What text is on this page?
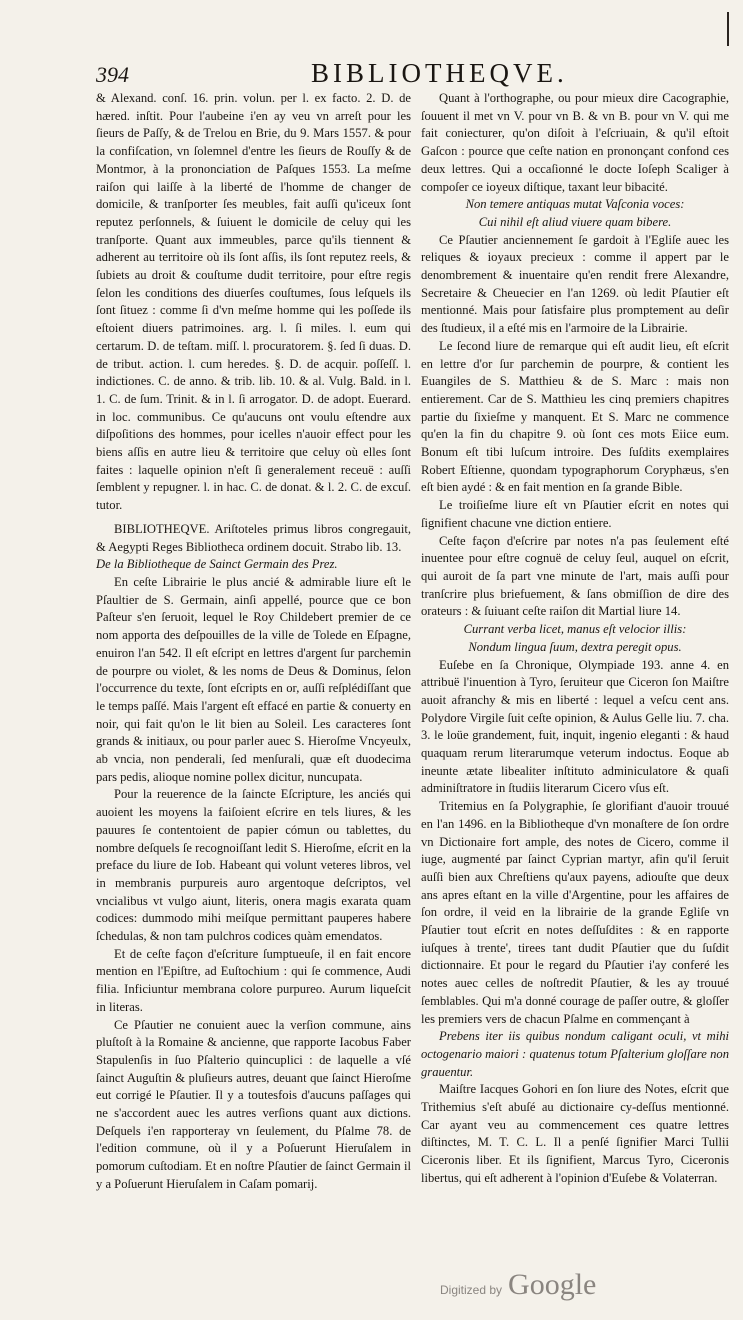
394	BIBLIOTHEQVE.

& Alexand. conſ. 16. prin. volun. per l. ex facto. 2. D. de hæred. inſtit. Pour l'aubeine i'en ay veu vn arreſt pour les ſieurs de Paſſy, & de Trelou en Brie, du 9. Mars 1557. & pour la confiſcation, vn ſolemnel d'entre les ſieurs de Rouſſy & de Montmor, à la prononciation de Paſques 1553. La meſme raiſon qui laiſſe à la liberté de l'homme de changer de domicile, & tranſporter ſes meubles, fait auſſi qu'iceux ſont reputez perſonnels, & ſuiuent le domicile de celuy qui les tranſporte. Quant aux immeubles, parce qu'ils tiennent & adherent au territoire où ils ſont aſſis, ils ſont reputez reels, & ſubiets au droit & couſtume dudit territoire, pour eſtre regis ſelon les conditions des diuerſes couſtumes, ſous leſquels ils ſont ſituez : comme ſi d'vn meſme homme qui les poſſede ils eſtoient diuers patrimoines. arg. l. ſi miles. l. eum qui certarum. D. de teſtam. miſſ. l. procuratorem. §. ſed ſi duas. D. de tribut. action. l. cum heredes. §. D. de acquir. poſſeſſ. l. indictiones. C. de anno. & trib. lib. 10. & al. Vulg. Bald. in l. 1. C. de ſum. Trinit. & in l. ſi arrogator. D. de adopt. Euerard. in loc. communibus. Ce qu'aucuns ont voulu eſtendre aux diſpoſitions des hommes, pour icelles n'auoir effect pour les biens aſſis en autre lieu & territoire que celuy où elles ſont faites : laquelle opinion n'eſt ſi generalement receuë : auſſi ſemblent y repugner. l. in hac. C. de donat. & l. 2. C. de excuſ. tutor.

BIBLIOTHEQVE. Ariſtoteles primus libros congregauit, & Aegypti Reges Bibliotheca ordinem docuit. Strabo lib. 13.

De la Bibliotheque de Sainct Germain des Prez.

En ceſte Librairie le plus ancié & admirable liure eſt le Pſaultier de S. Germain, ainſi appellé, pource que ce bon Paſteur s'en ſeruoit, lequel le Roy Childebert premier de ce nom apporta des deſpouilles de la ville de Tolede en Eſpagne, enuiron l'an 542. Il eſt eſcript en lettres d'argent ſur parchemin de pourpre ou violet, & les noms de Deus & Dominus, ſelon l'occurrence du texte, ſont eſcripts en or, auſſi reſplédiſſant que le temps paſſé. Mais l'argent eſt effacé en partie & conuerty en noir, qui fait qu'on le lit bien au Soleil. Les caracteres ſont grands & initiaux, ou pour parler auec S. Hieroſme Vncyeulx, ab vncia, non penderali, ſed menſurali, quæ eſt duodecima pars pedis, alioque nomine pollex dicitur, nuncupata.

Pour la reuerence de la ſaincte Eſcripture, les anciés qui auoient les moyens la faiſoient eſcrire en tels liures, & les pauures ſe contentoient de papier cómun ou tablettes, du nombre deſquels ſe recognoiſſant ledit S. Hieroſme, eſcrit en la preface du liure de Iob. Habeant qui volunt veteres libros, vel in membranis purpureis auro argentoque deſcriptos, vel vncialibus vt vulgo aiunt, literis, onera magis exarata quam codices: dummodo mihi meiſque permittant pauperes habere ſchedulas, & non tam pulchros codices quàm emendatos.

Et de ceſte façon d'eſcriture ſumptueuſe, il en fait encore mention en l'Epiſtre, ad Euſtochium : qui ſe commence, Audi filia. Inficiuntur membrana colore purpureo. Aurum liqueſcit in literas.

Ce Pſautier ne conuient auec la verſion commune, ains pluſtoſt à la Romaine & ancienne, que rapporte Iacobus Faber Stapulenſis in ſuo Pſalterio quincuplici : de laquelle a vſé ſainct Auguſtin & pluſieurs autres, deuant que ſainct Hieroſme eut corrigé le Pſautier. Il y a toutesfois d'aucuns paſſages qui ne s'accordent auec les autres verſions quant aux dictions. Deſquels i'en rapporteray vn ſeulement, du Pſalme 78. de l'edition commune, où il y a Poſuerunt Hieruſalem in pomorum cuſtodiam. Et en noſtre Pſautier de ſainct Germain il y a Poſuerunt Hieruſalem in Caſam pomarij.

Quant à l'orthographe, ou pour mieux dire Cacographie, ſouuent il met vn V. pour vn B. & vn B. pour vn V. qui me fait coniecturer, qu'on diſoit à l'eſcriuain, & qu'il eſtoit Gaſcon : pource que ceſte nation en prononçant confond ces deux lettres. Qui a occaſionné le docte Ioſeph Scaliger à compoſer ce ioyeux diſtique, taxant leur bibacité.

Non temere antiquas mutat Vaſconia voces:

Cui nihil eſt aliud viuere quam bibere.

Ce Pſautier anciennement ſe gardoit à l'Egliſe auec les reliques & ioyaux precieux : comme il appert par le denombrement & inuentaire qu'en rendit frere Alexandre, Secretaire & Cheuecier en l'an 1269. où ledit Pſautier eſt mentionné. Mais pour ſatisfaire plus promptement au deſir des ſtudieux, il a eſté mis en l'armoire de la Librairie.

Le ſecond liure de remarque qui eſt audit lieu, eſt eſcrit en lettre d'or ſur parchemin de pourpre, & contient les Euangiles de S. Matthieu & de S. Marc : mais non entierement. Car de S. Matthieu les cinq premiers chapitres partie du ſixieſme y manquent. Et S. Marc ne commence qu'en la fin du chapitre 9. où ſont ces mots Eiice eum. Bonum eſt tibi luſcum introire. Des ſuſdits exemplaires Robert Eſtienne, quondam typographorum Coryphæus, s'en eſt bien aydé : & en fait mention en ſa grande Bible.

Le troiſieſme liure eſt vn Pſautier eſcrit en notes qui ſignifient chacune vne diction entiere.

Ceſte façon d'eſcrire par notes n'a pas ſeulement eſté inuentee pour eſtre cognuë de celuy ſeul, auquel on eſcrit, qui auroit de ſa part vne minute de l'art, mais auſſi pour tranſcrire plus briefuement, & ſans obmiſſion de dire des orateurs : & ſuiuant ceſte raiſon dit Martial liure 14.

Currant verba licet, manus eſt velocior illis:

Nondum lingua ſuum, dextra peregit opus.

Euſebe en ſa Chronique, Olympiade 193. anne 4. en attribuë l'inuention à Tyro, ſeruiteur que Ciceron ſon Maiſtre auoit afranchy & mis en liberté : lequel a veſcu cent ans. Polydore Virgile ſuit ceſte opinion, & Aulus Gelle liu. 7. cha. 3. le loüe grandement, fuit, inquit, ingenio eleganti : & haud quaquam rerum literarumque veterum indoctus. Eoque ab ineunte ætate libealiter inſtituto adminiculatore & quaſi adminiſtratore in ſtudiis literarum Cicero vſus eſt.

Tritemius en ſa Polygraphie, ſe glorifiant d'auoir trouué en l'an 1496. en la Bibliotheque d'vn monaſtere de ſon ordre vn Dictionaire fort ample, des notes de Cicero, comme il iuge, augmenté par ſainct Cyprian martyr, afin qu'il ſeruit auſſi bien aux Chreſtiens qu'aux payens, adiouſte que deux ans apres eſtant en la ville d'Argentine, pour les affaires de ſon ordre, il veid en la librairie de la grande Egliſe vn Pſautier tout eſcrit en notes deſſuſdites : & en rapporte iuſques à trente', tirees tant dudit Pſautier que du ſuſdit dictionnaire. Et pour le regard du Pſautier i'ay conferé les notes auec celles de noſtredit Pſautier, & les ay trouué ſemblables. Qui m'a donné courage de paſſer outre, & gloſſer les premiers vers de chacun Pſalme en commençant à

Prebens iter iis quibus nondum caligant oculi, vt mihi octogenario maiori : quatenus totum Pſalterium gloſſare non grauentur.

Maiſtre Iacques Gohori en ſon liure des Notes, eſcrit que Trithemius s'eſt abuſé au dictionaire cy-deſſus mentionné. Car ayant veu au commencement ces quatre lettres diſtinctes, M. T. C. L. Il a penſé ſignifier Marci Tullii Ciceronis liber. Et ils ſignifient, Marcus Tyro, Ciceronis libertus, qui eſt adherent à l'opinion d'Euſebe & Volaterran.

Digitized by Google
